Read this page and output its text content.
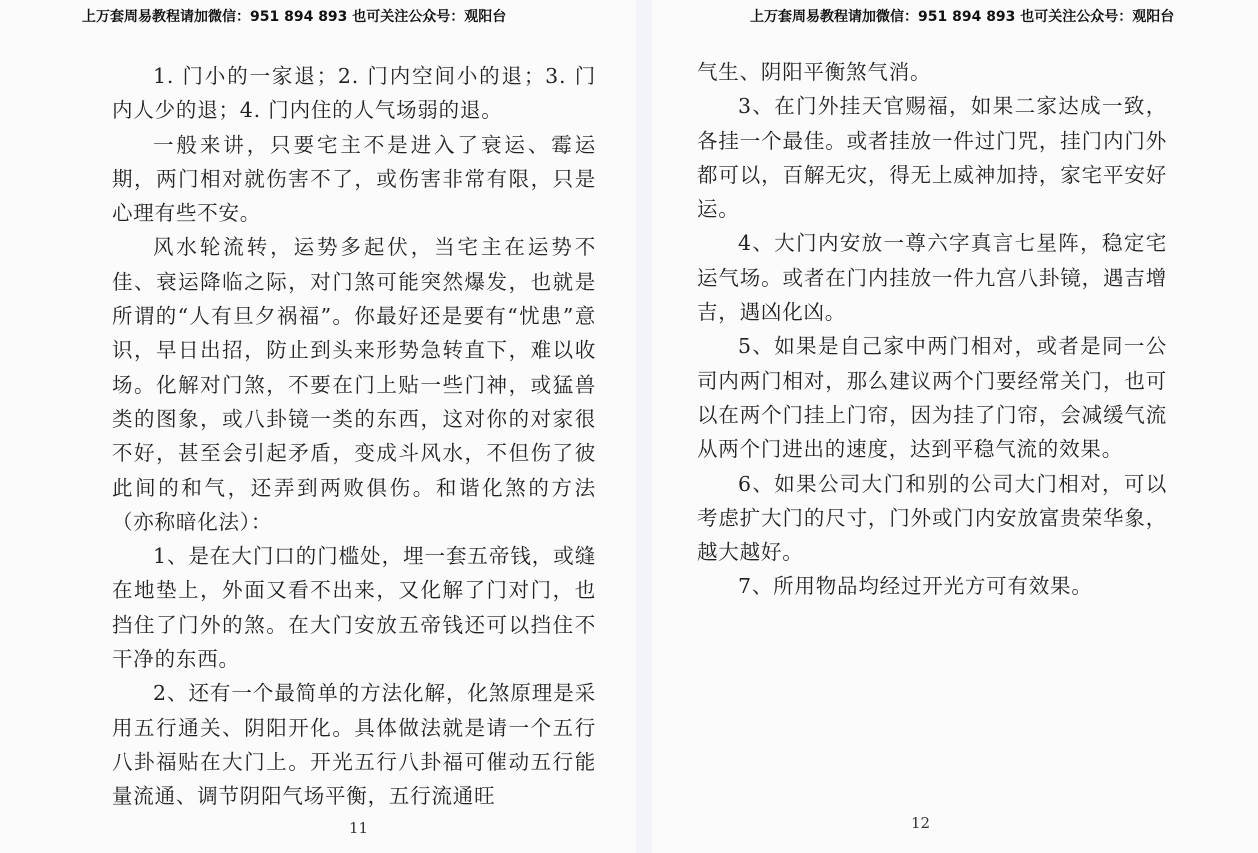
上万套周易教程请加微信：951 894 893 也可关注公众号：观阳台

1. 门小的一家退；2. 门内空间小的退；3. 门内人少的退；4. 门内住的人气场弱的退。

一般来讲，只要宅主不是进入了衰运、霉运期，两门相对就伤害不了，或伤害非常有限，只是心理有些不安。

风水轮流转，运势多起伏，当宅主在运势不佳、衰运降临之际，对门煞可能突然爆发，也就是所谓的“人有旦夕祸福”。你最好还是要有“忧患”意识，早日出招，防止到头来形势急转直下，难以收场。化解对门煞，不要在门上贴一些门神，或猛兽类的图象，或八卦镜一类的东西，这对你的对家很不好，甚至会引起矛盾，变成斗风水，不但伤了彼此间的和气，还弄到两败俱伤。和谐化煞的方法（亦称暗化法）：

1、是在大门口的门槛处，埋一套五帝钱，或缝在地垫上，外面又看不出来，又化解了门对门，也挡住了门外的煞。在大门安放五帝钱还可以挡住不干净的东西。

2、还有一个最简单的方法化解，化煞原理是采用五行通关、阴阳开化。具体做法就是请一个五行八卦福贴在大门上。开光五行八卦福可催动五行能量流通、调节阴阳气场平衡，五行流通旺

11
上万套周易教程请加微信：951 894 893 也可关注公众号：观阳台

气生、阴阳平衡煞气消。

3、在门外挂天官赐福，如果二家达成一致，各挂一个最佳。或者挂放一件过门咒，挂门内门外都可以，百解无灾，得无上威神加持，家宅平安好运。

4、大门内安放一尊六字真言七星阵，稳定宅运气场。或者在门内挂放一件九宫八卦镜，遇吉增吉，遇凶化凶。

5、如果是自己家中两门相对，或者是同一公司内两门相对，那么建议两个门要经常关门，也可以在两个门挂上门帘，因为挂了门帘，会减缓气流从两个门进出的速度，达到平稳气流的效果。

6、如果公司大门和别的公司大门相对，可以考虑扩大门的尺寸，门外或门内安放富贵荣华象，越大越好。

7、所用物品均经过开光方可有效果。

12
